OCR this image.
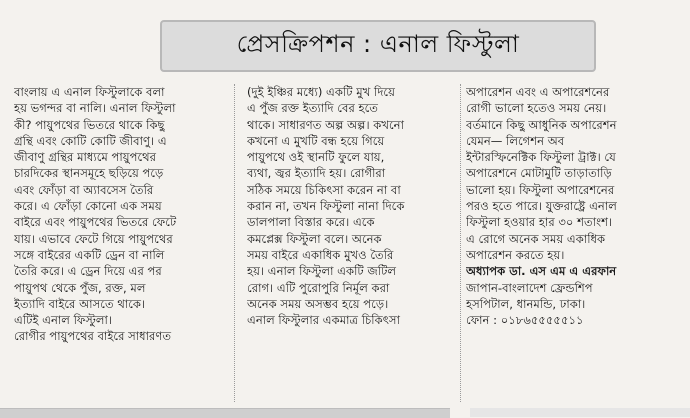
প্রেসক্রিপশন : এনাল ফিস্টুলা

বাংলায় এ এনাল ফিস্টুলাকে বলা

হয় ভগন্দর বা নালি। এনাল ফিস্টুলা

কী? পায়ুপথের ভিতরে থাকে কিছু

গ্রন্থি এবং কোটি কোটি জীবাণু। এ

জীবাণু গ্রন্থির মাধ্যমে পায়ুপথের

চারদিকের স্থানসমূহে ছড়িয়ে পড়ে

এবং ফোঁড়া বা অ্যাবসেস তৈরি

করে। এ ফোঁড়া কোনো এক সময়

বাইরে এবং পায়ুপথের ভিতরে ফেটে

যায়। এভাবে ফেটে গিয়ে পায়ুপথের

সঙ্গে বাইরের একটি ড্রেন বা নালি

তৈরি করে। এ ড্রেন দিয়ে এর পর

পায়ুপথ থেকে পুঁজ, রক্ত, মল

ইত্যাদি বাইরে আসতে থাকে।

এটিই এনাল ফিস্টুলা।

রোগীর পায়ুপথের বাইরে সাধারণত

(দুই ইঞ্চির মধ্যে) একটি মুখ দিয়ে

এ পুঁজ রক্ত ইত্যাদি বের হতে

থাকে। সাধারণত অল্প অল্প। কখনো

কখনো এ মুখটি বন্ধ হয়ে গিয়ে

পায়ুপথে ওই স্থানটি ফুলে যায়,

ব্যথা, জ্বর ইত্যাদি হয়। রোগীরা

সঠিক সময়ে চিকিৎসা করেন না বা

করান না, তখন ফিস্টুলা নানা দিকে

ডালপালা বিস্তার করে। একে

কমপ্লেক্স ফিস্টুলা বলে। অনেক

সময় বাইরে একাধিক মুখও তৈরি

হয়। এনাল ফিস্টুলা একটি জটিল

রোগ। এটি পুরোপুরি নির্মূল করা

অনেক সময় অসম্ভব হয়ে পড়ে।

এনাল ফিস্টুলার একমাত্র চিকিৎসা

অপারেশন এবং এ অপারেশনের

রোগী ভালো হতেও সময় নেয়।

বর্তমানে কিছু আধুনিক অপারেশন

যেমন— লিগেশন অব

ইন্টারস্ফিনেক্টিক ফিস্টুলা ট্রাক্ট। যে

অপারেশনে মোটামুটি তাড়াতাড়ি

ভালো হয়। ফিস্টুলা অপারেশনের

পরও হতে পারে। যুক্তরাষ্ট্রে এনাল

ফিস্টুলা হওয়ার হার ৩০ শতাংশ।

এ রোগে অনেক সময় একাধিক

অপারেশন করতে হয়।

অধ্যাপক ডা. এস এম এ এরফান

জাপান-বাংলাদেশ ফ্রেন্ডশিপ

হসপিটাল, ধানমন্ডি, ঢাকা।

ফোন : ০১৮৬৫৫৫৫৫১১
